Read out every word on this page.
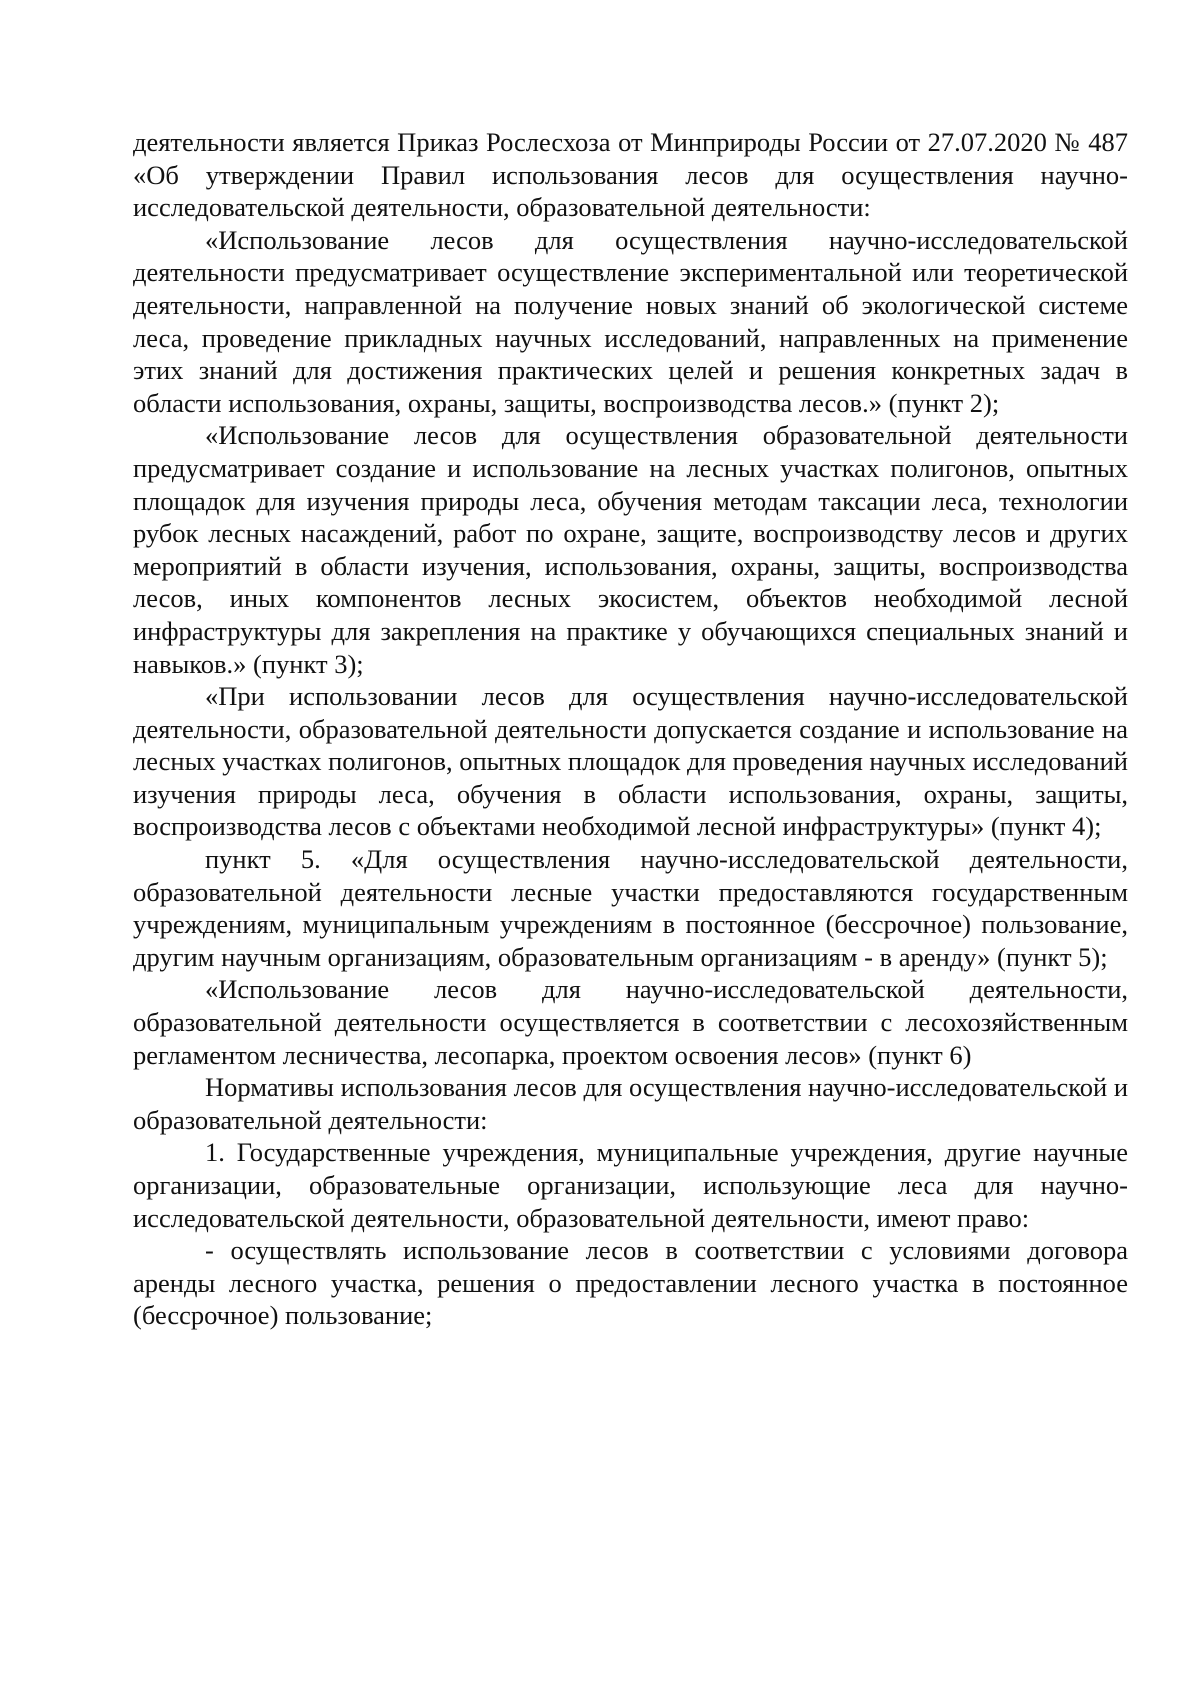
деятельности является Приказ Рослесхоза от Минприроды России от 27.07.2020 № 487 «Об утверждении Правил использования лесов для осуществления научно-исследовательской деятельности, образовательной деятельности:

«Использование лесов для осуществления научно-исследовательской деятельности предусматривает осуществление экспериментальной или теоретической деятельности, направленной на получение новых знаний об экологической системе леса, проведение прикладных научных исследований, направленных на применение этих знаний для достижения практических целей и решения конкретных задач в области использования, охраны, защиты, воспроизводства лесов.» (пункт 2);

«Использование лесов для осуществления образовательной деятельности предусматривает создание и использование на лесных участках полигонов, опытных площадок для изучения природы леса, обучения методам таксации леса, технологии рубок лесных насаждений, работ по охране, защите, воспроизводству лесов и других мероприятий в области изучения, использования, охраны, защиты, воспроизводства лесов, иных компонентов лесных экосистем, объектов необходимой лесной инфраструктуры для закрепления на практике у обучающихся специальных знаний и навыков.» (пункт 3);

«При использовании лесов для осуществления научно-исследовательской деятельности, образовательной деятельности допускается создание и использование на лесных участках полигонов, опытных площадок для проведения научных исследований изучения природы леса, обучения в области использования, охраны, защиты, воспроизводства лесов с объектами необходимой лесной инфраструктуры» (пункт 4);

пункт 5. «Для осуществления научно-исследовательской деятельности, образовательной деятельности лесные участки предоставляются государственным учреждениям, муниципальным учреждениям в постоянное (бессрочное) пользование, другим научным организациям, образовательным организациям - в аренду» (пункт 5);

«Использование лесов для научно-исследовательской деятельности, образовательной деятельности осуществляется в соответствии с лесохозяйственным регламентом лесничества, лесопарка, проектом освоения лесов» (пункт 6)

Нормативы использования лесов для осуществления научно-исследовательской и образовательной деятельности:

1. Государственные учреждения, муниципальные учреждения, другие научные организации, образовательные организации, использующие леса для научно-исследовательской деятельности, образовательной деятельности, имеют право:

- осуществлять использование лесов в соответствии с условиями договора аренды лесного участка, решения о предоставлении лесного участка в постоянное (бессрочное) пользование;
